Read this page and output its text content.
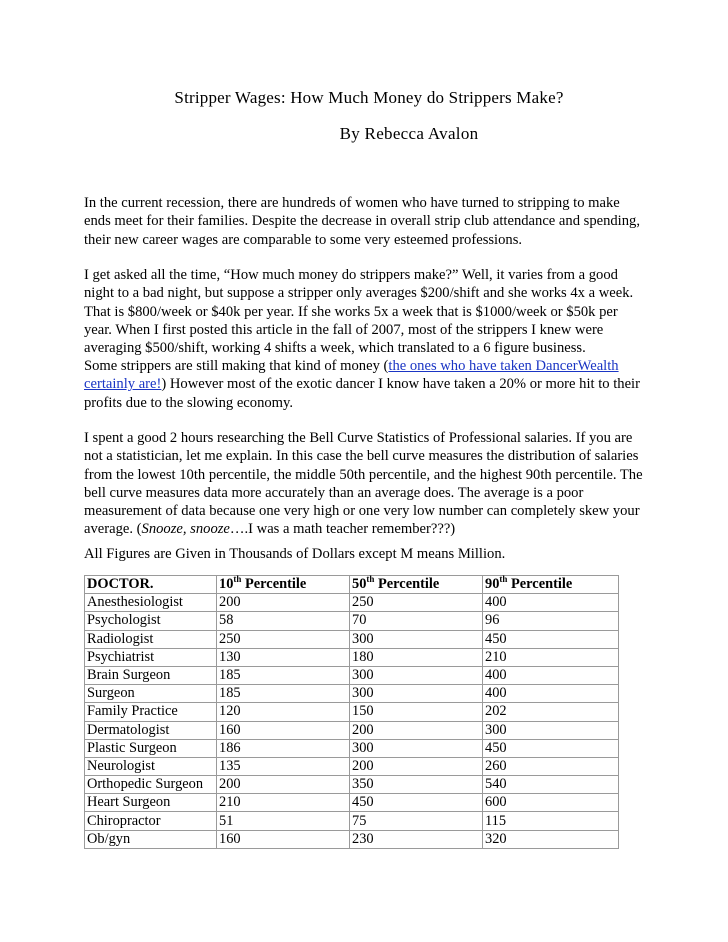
Stripper Wages: How Much Money do Strippers Make?
By Rebecca Avalon
In the current recession, there are hundreds of women who have turned to stripping to make ends meet for their families. Despite the decrease in overall strip club attendance and spending, their new career wages are comparable to some very esteemed professions.
I get asked all the time, “How much money do strippers make?” Well, it varies from a good night to a bad night, but suppose a stripper only averages $200/shift and she works 4x a week. That is $800/week or $40k per year. If she works 5x a week that is $1000/week or $50k per year. When I first posted this article in the fall of 2007, most of the strippers I knew were averaging $500/shift, working 4 shifts a week, which translated to a 6 figure business.
Some strippers are still making that kind of money (the ones who have taken DancerWealth certainly are!) However most of the exotic dancer I know have taken a 20% or more hit to their profits due to the slowing economy.
I spent a good 2 hours researching the Bell Curve Statistics of Professional salaries. If you are not a statistician, let me explain. In this case the bell curve measures the distribution of salaries from the lowest 10th percentile, the middle 50th percentile, and the highest 90th percentile. The bell curve measures data more accurately than an average does. The average is a poor measurement of data because one very high or one very low number can completely skew your average. (Snooze, snooze….I was a math teacher remember???)
All Figures are Given in Thousands of Dollars except M means Million.
DOCTOR.	10th Percentile	50th Percentile	90th Percentile
Anesthesiologist	200	250	400
Psychologist	58	70	96
Radiologist	250	300	450
Psychiatrist	130	180	210
Brain Surgeon	185	300	400
Surgeon	185	300	400
Family Practice	120	150	202
Dermatologist	160	200	300
Plastic Surgeon	186	300	450
Neurologist	135	200	260
Orthopedic Surgeon	200	350	540
Heart Surgeon	210	450	600
Chiropractor	51	75	115
Ob/gyn	160	230	320
